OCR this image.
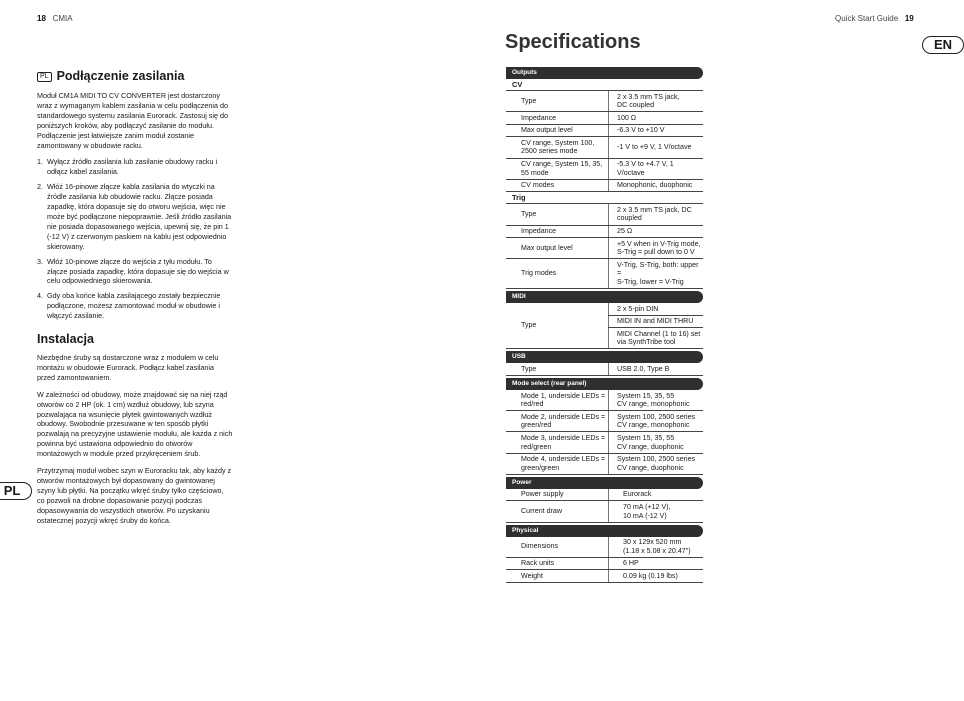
18 CMIA	Quick Start Guide 19
EN
PL
PL Podłączenie zasilania

Moduł CM1A MIDI TO CV CONVERTER jest dostarczony wraz z wymaganym kablem zasilania w celu podłączenia do standardowego systemu zasilania Eurorack. Zastosuj się do poniższych kroków, aby podłączyć zasilanie do modułu. Podłączenie jest łatwiejsze zanim moduł zostanie zamontowany w obudowie racku.

1. Wyłącz źródło zasilania lub zasilanie obudowy racku i odłącz kabel zasilania.
2. Włóż 16-pinowe złącze kabla zasilania do wtyczki na źródle zasilania lub obudowie racku. Złącze posiada zapadkę, która dopasuje się do otworu wejścia, więc nie może być podłączone niepoprawnie. Jeśli źródło zasilania nie posiada dopasowanego wejścia, upewnij się, że pin 1 (-12 V) z czerwonym paskiem na kablu jest odpowiednio skierowany.
3. Włóż 10-pinowe złącze do wejścia z tyłu modułu. To złącze posiada zapadkę, która dopasuje się do wejścia w celu odpowiedniego skierowania.
4. Gdy oba końce kabla zasilającego zostały bezpiecznie podłączone, możesz zamontować moduł w obudowie i włączyć zasilanie.
Instalacja

Niezbędne śruby są dostarczone wraz z modułem w celu montażu w obudowie Eurorack. Podłącz kabel zasilania przed zamontowaniem.

W zależności od obudowy, może znajdować się na niej rząd otworów co 2 HP (ok. 1 cm) wzdłuż obudowy, lub szyna pozwalająca na wsunięcie płytek gwintowanych wzdłuż obudowy. Swobodnie przesuwane w ten sposób płytki pozwalają na precyzyjne ustawienie modułu, ale każda z nich powinna być ustawiona odpowiednio do otworów montażowych w module przed przykręceniem śrub.

Przytrzymaj moduł wobec szyn w Euroracku tak, aby każdy z otworów montażowych był dopasowany do gwintowanej szyny lub płytki. Na początku wkręć śruby tylko częściowo, co pozwoli na drobne dopasowanie pozycji podczas dopasowywania do wszystkich otworów. Po uzyskaniu ostatecznej pozycji wkręć śruby do końca.

Specifications
Outputs
CV
Type	2 x 3.5 mm TS jack,
DC coupled

Impedance	100 Ω

Max output level	-6.3 V to +10 V

CV range, System 100, 2500 series mode	-1 V to +9 V, 1 V/octave

CV range, System 15, 35, 55 mode	-5.3 V to +4.7 V, 1 V/octave

CV modes	Monophonic, duophonic
Trig
Type	2 x 3.5 mm TS jack, DC
coupled

Impedance	25 Ω

Max output level	+5 V when in V-Trig mode,
S-Trig = pull down to 0 V

Trig modes	V-Trig, S-Trig, both: upper =
S-Trig, lower = V-Trig
MIDI
Type	2 x 5-pin DIN
MIDI IN and MIDI THRU
MIDI Channel (1 to 16) set via SynthTribe tool
USB
Type	USB 2.0, Type B
Mode select (rear panel)
Mode 1, underside LEDs = red/red	System 15, 35, 55
CV range, monophonic

Mode 2, underside LEDs = green/red	System 100, 2500 series
CV range, monophonic

Mode 3, underside LEDs = red/green	System 15, 35, 55
CV range, duophonic

Mode 4, underside LEDs = green/green	System 100, 2500 series
CV range, duophonic
Power
Power supply	Eurorack

Current draw	70 mA (+12 V),
10 mA (-12 V)
Physical
Dimensions	30 x 129x 520 mm
(1.18 x 5.08 x 20.47")

Rack units	6 HP

Weight	0.09 kg (0.19 lbs)
